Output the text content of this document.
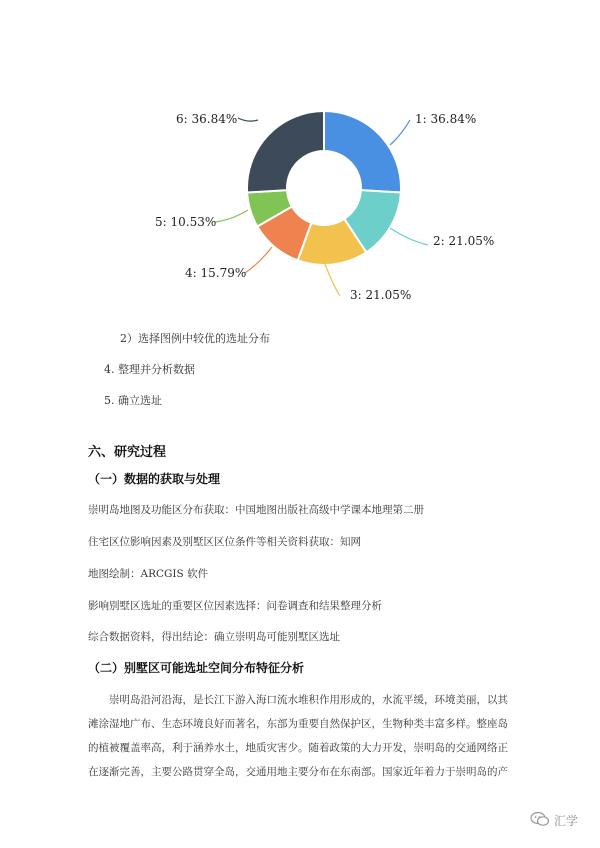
1: 36.84%
2: 21.05%
3: 21.05%
4: 15.79%
5: 10.53%
6: 36.84%
2）选择图例中较优的选址分布
4. 整理并分析数据
5. 确立选址
六、研究过程
（一）数据的获取与处理
崇明岛地图及功能区分布获取：中国地图出版社高级中学课本地理第二册
住宅区位影响因素及别墅区区位条件等相关资料获取：知网
地图绘制：ARCGIS 软件
影响别墅区选址的重要区位因素选择：问卷调查和结果整理分析
综合数据资料，得出结论：确立崇明岛可能别墅区选址
（二）别墅区可能选址空间分布特征分析
崇明岛沿河沿海，是长江下游入海口流水堆积作用形成的，水流平缓，环境美丽，以其
滩涂湿地广布、生态环境良好而著名，东部为重要自然保护区，生物种类丰富多样。整座岛
的植被覆盖率高，利于涵养水土，地质灾害少。随着政策的大力开发，崇明岛的交通网络正
在逐渐完善，主要公路贯穿全岛，交通用地主要分布在东南部。国家近年着力于崇明岛的产
汇学
